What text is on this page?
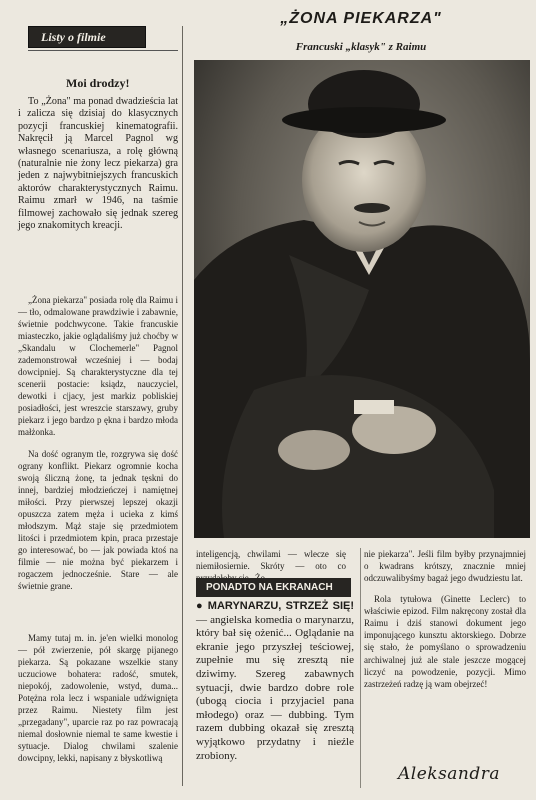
Listy o filmie
„ŻONA PIEKARZA"
Francuski „klasyk" z Raimu
Moi drodzy!

To „Żona" ma ponad dwadzieścia lat i zalicza się dzisiaj do klasycznych pozycji francuskiej kinematografii. Nakręcił ją Marcel Pagnol wg własnego scenariusza, a rolę główną (naturalnie nie żony lecz piekarza) gra jeden z najwybitniejszych francuskich aktorów charakterystycznych Raimu. Raimu zmarł w 1946, na taśmie filmowej zachowało się jednak szereg jego znakomitych kreacji.

„Żona piekarza" posiada rolę dla Raimu i — tło, odmalowane prawdziwie i zabawnie, świetnie podchwycone. Takie francuskie miasteczko, jakie oglądaliśmy już choćby w „Skandalu w Clochemerle" Pagnol zademonstrował wcześniej i — bodaj dowcipniej. Są charakterystyczne dla tej scenerii postacie: ksiądz, nauczyciel, dewotki i c|jacy, jest markiz pobliskiej posiadłości, jest wreszcie starszawy, gruby piekarz i jego bardzo p ękna i bardzo młoda małżonka.

Na dość ogranym tle, rozgrywa się dość ograny konflikt. Piekarz ogromnie kocha swoją śliczną żonę, ta jednak tęskni do innej, bardziej młodzieńczej i namiętnej miłości. Przy pierwszej lepszej okazji opuszcza zatem męża i ucieka z kimś młodszym. Mąż staje się przedmiotem litości i przedmiotem kpin, praca przestaje go interesować, bo — jak powiada ktoś na filmie — nie można być piekarzem i rogaczem jednocześnie. Stare — ale świetnie grane.

Mamy tutaj m. in. je'en wielki monolog — pół zwierzenie, pół skargę pijanego piekarza. Są pokazane wszelkie stany uczuciowe bohatera: radość, smutek, niepokój, zadowolenie, wstyd, duma... Potężna rola lecz i wspaniale udźwignięta przez Raimu. Niestety film jest „przegadany", uparcie raz po raz powracają niemal dosłownie niemal te same kwestie i sytuacje. Dialog chwilami szalenie dowcipny, lekki, napisany z błyskotliwą

inteligencją, chwilami — wlecze się niemiłosiernie. Skróty — oto co

PONADTO NA EKRANACH

● MARYNARZU, STRZEŻ SIĘ! — angielska komedia o marynarzu, który bał się ożenić... Oglądanie na ekranie jego przyszłej teściowej, zupełnie mu się zresztą nie dziwimy. Szereg zabawnych sytuacji, dwie bardzo dobre role (ubogą ciocia i przyjaciel pana młodego) oraz — dubbing. Tym razem dubbing okazał się zresztą wyjątkowo przydatny i nieźle zrobiony.

nie piekarza". Jeśli film byłby przynajmniej o kwadrans krótszy, znacznie mniej odczuwalibyśmy bagaż jego dwudziestu lat.

Rola tytułowa (Ginette Leclerc) to właściwie epizod. Film nakręcony został dla Raimu i dziś stanowi dokument jego imponującego kunsztu aktorskiego. Dobrze się stało, że pomyślano o sprowadzeniu archiwalnej już ale stale jeszcze mogącej liczyć na powodzenie, pozycji. Mimo zastrzeżeń radzę ją wam obejrzeć!

Aleksandra
